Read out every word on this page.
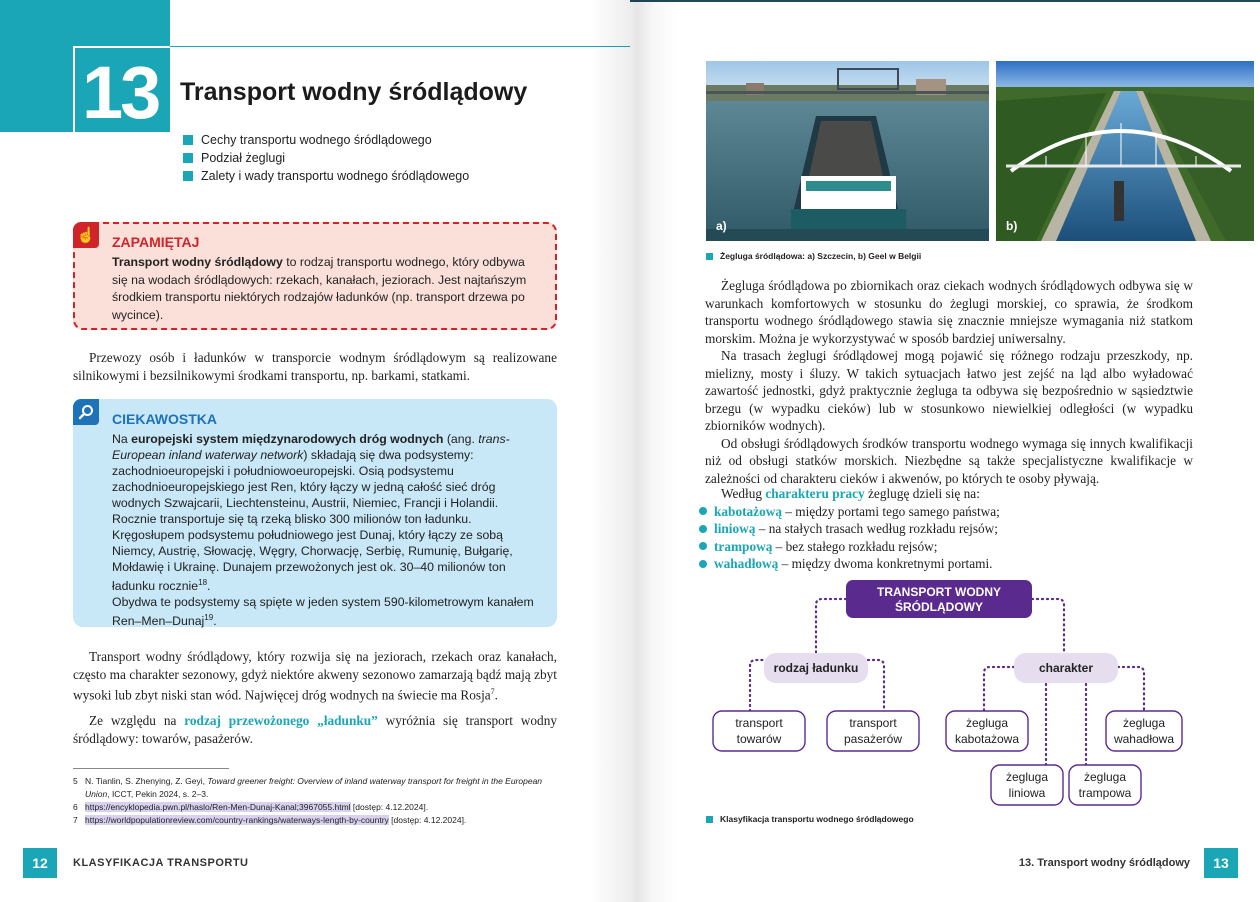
13 Transport wodny śródlądowy
Cechy transportu wodnego śródlądowego
Podział żeglugi
Zalety i wady transportu wodnego śródlądowego
☝ ZAPAMIĘTAJ
Transport wodny śródlądowy to rodzaj transportu wodnego, który odbywa się na wodach śródlądowych: rzekach, kanałach, jeziorach. Jest najtańszym środkiem transportu niektórych rodzajów ładunków (np. transport drzewa po wycince).

Przewozy osób i ładunków w transporcie wodnym śródlądowym są realizowane silnikowymi i bezsilnikowymi środkami transportu, np. barkami, statkami.

CIEKAWOSTKA

Na europejski system międzynarodowych dróg wodnych (ang. trans-European inland waterway network) składają się dwa podsystemy: zachodnioeuropejski i południowoeuropejski. Osią podsystemu zachodnioeuropejskiego jest Ren, który łączy w jedną całość sieć dróg wodnych Szwajcarii, Liechtensteinu, Austrii, Niemiec, Francji i Holandii. Rocznie transportuje się tą rzeką blisko 300 milionów ton ładunku.

Kręgosłupem podsystemu południowego jest Dunaj, który łączy ze sobą Niemcy, Austrię, Słowację, Węgry, Chorwację, Serbię, Rumunię, Bułgarię, Mołdawię i Ukrainę. Dunajem przewożonych jest ok. 30–40 milionów ton ładunku rocznie$^{18}$.

Obydwa te podsystemy są spięte w jeden system 590-kilometrowym kanałem Ren–Men–Dunaj$^{19}$.

Transport wodny śródlądowy, który rozwija się na jeziorach, rzekach oraz kanałach, często ma charakter sezonowy, gdyż niektóre akweny sezonowo zamarzają bądź mają zbyt wysoki lub zbyt niski stan wód. Najwięcej dróg wodnych na świecie ma Rosja$^7$.

Ze względu na rodzaj przewożonego „ładunku” wyróżnia się transport wodny śródlądowy: towarów, pasażerów.

5 N. Tianlin, S. Zhenying, Z. Geyi, Toward greener freight: Overview of inland waterway transport for freight in the European Union, ICCT, Pekin 2024, s. 2–3.
6 https://encyklopedia.pwn.pl/haslo/Ren-Men-Dunaj-Kanal;3967055.html [dostęp: 4.12.2024].
7 https://worldpopulationreview.com/country-rankings/waterways-length-by-country [dostęp: 4.12.2024].
12	KLASYFIKACJA TRANSPORTU
a)	b)
Żegluga śródlądowa: a) Szczecin, b) Geel w Belgii

Żegluga śródlądowa po zbiornikach oraz ciekach wodnych śródlądowych odbywa się w warunkach komfortowych w stosunku do żeglugi morskiej, co sprawia, że środkom transportu wodnego śródlądowego stawia się znacznie mniejsze wymagania niż statkom morskim. Można je wykorzystywać w sposób bardziej uniwersalny.

Na trasach żeglugi śródlądowej mogą pojawić się różnego rodzaju przeszkody, np. mielizny, mosty i śluzy. W takich sytuacjach łatwo jest zejść na ląd albo wyładować zawartość jednostki, gdyż praktycznie żegluga ta odbywa się bezpośrednio w sąsiedztwie brzegu (w wypadku cieków) lub w stosunkowo niewielkiej odległości (w wypadku zbiorników wodnych).

Od obsługi śródlądowych środków transportu wodnego wymaga się innych kwalifikacji niż od obsługi statków morskich. Niezbędne są także specjalistyczne kwalifikacje w zależności od charakteru cieków i akwenów, po których te osoby pływają.

Według charakteru pracy żeglugę dzieli się na:

kabotażową – między portami tego samego państwa;
liniową – na stałych trasach według rozkładu rejsów;
trampową – bez stałego rozkładu rejsów;
wahadłową – między dwoma konkretnymi portami.
TRANSPORT WODNY
ŚRÓDLĄDOWY
rodzaj ładunku	charakter
transport
towarów
transport
pasażerów
żegluga
kabotażowa
żegluga
wahadłowa
żegluga
liniowa
żegluga
trampowa
Klasyfikacja transportu wodnego śródlądowego
13. Transport wodny śródlądowy	13
